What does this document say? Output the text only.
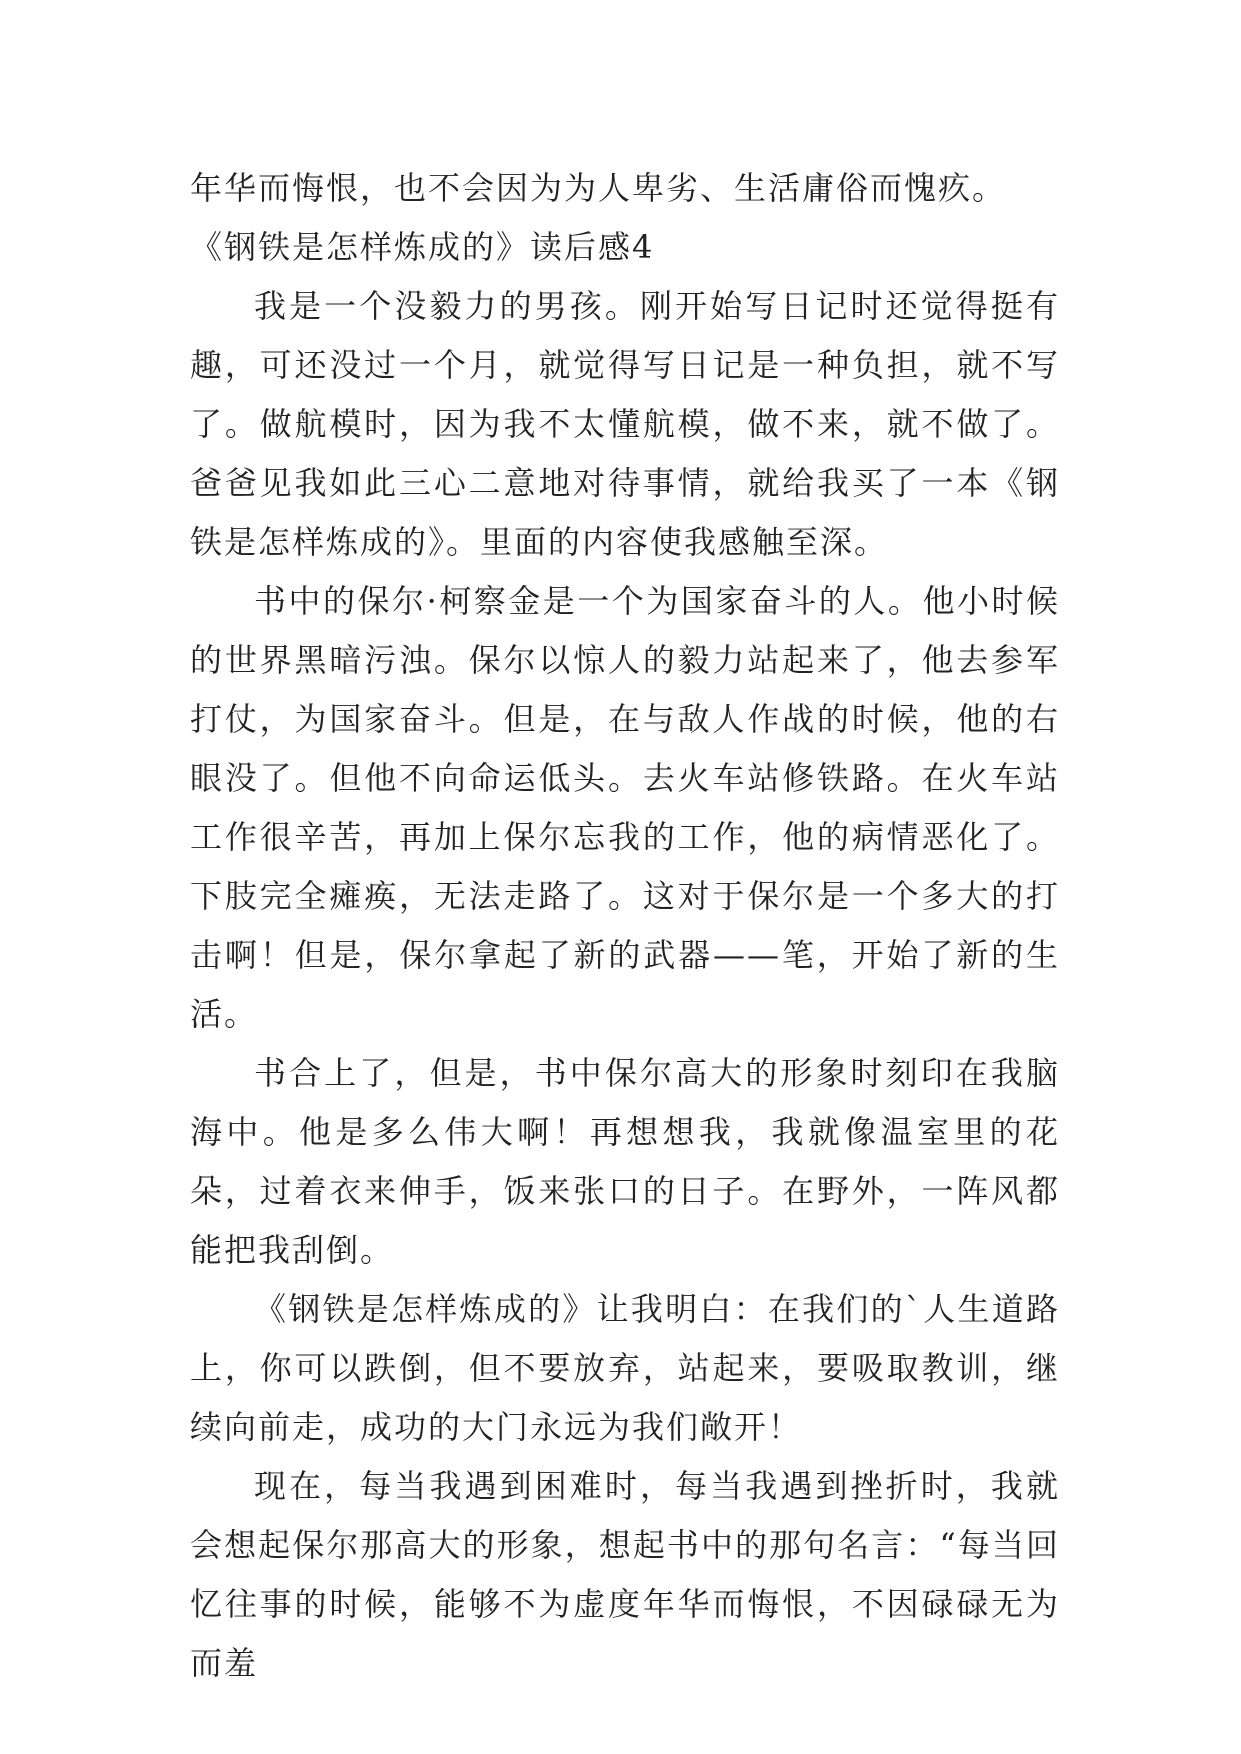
年华而悔恨，也不会因为为人卑劣、生活庸俗而愧疚。

《钢铁是怎样炼成的》读后感4

我是一个没毅力的男孩。刚开始写日记时还觉得挺有趣，可还没过一个月，就觉得写日记是一种负担，就不写了。做航模时，因为我不太懂航模，做不来，就不做了。爸爸见我如此三心二意地对待事情，就给我买了一本《钢铁是怎样炼成的》。里面的内容使我感触至深。

书中的保尔·柯察金是一个为国家奋斗的人。他小时候的世界黑暗污浊。保尔以惊人的毅力站起来了，他去参军打仗，为国家奋斗。但是，在与敌人作战的时候，他的右眼没了。但他不向命运低头。去火车站修铁路。在火车站工作很辛苦，再加上保尔忘我的工作，他的病情恶化了。下肢完全瘫痪，无法走路了。这对于保尔是一个多大的打击啊！但是，保尔拿起了新的武器——笔，开始了新的生活。

书合上了，但是，书中保尔高大的形象时刻印在我脑海中。他是多么伟大啊！再想想我，我就像温室里的花朵，过着衣来伸手，饭来张口的日子。在野外，一阵风都能把我刮倒。

《钢铁是怎样炼成的》让我明白：在我们的`人生道路上，你可以跌倒，但不要放弃，站起来，要吸取教训，继续向前走，成功的大门永远为我们敞开！

现在，每当我遇到困难时，每当我遇到挫折时，我就会想起保尔那高大的形象，想起书中的那句名言：“每当回忆往事的时候，能够不为虚度年华而悔恨，不因碌碌无为而羞
